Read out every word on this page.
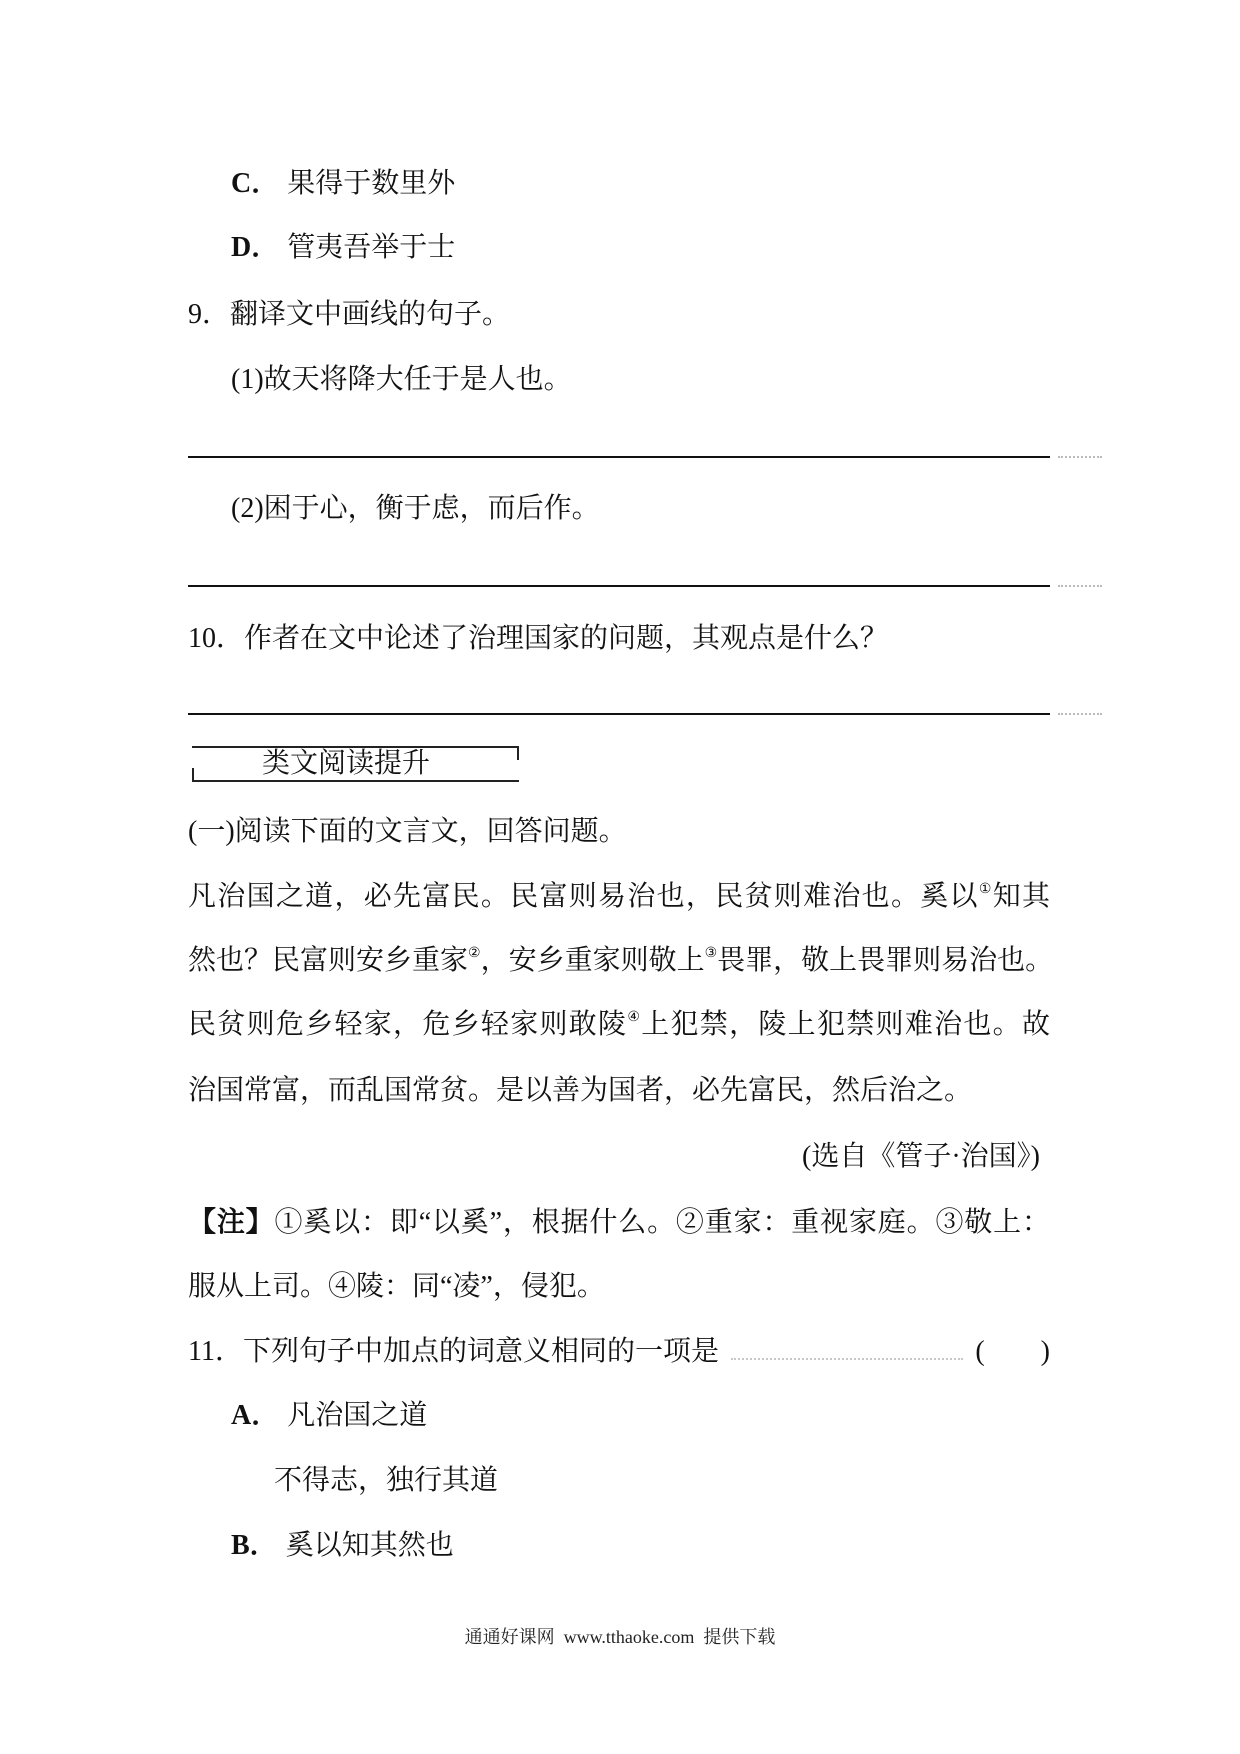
C． 果得于数里外
D． 管夷吾举于士
9．翻译文中画线的句子。
(1)故天将降大任于是人也。
(2)困于心，衡于虑，而后作。
10．作者在文中论述了治理国家的问题，其观点是什么？
类文阅读提升
(一)阅读下面的文言文，回答问题。
凡治国之道，必先富民。民富则易治也，民贫则难治也。奚以①知其
然也？民富则安乡重家②，安乡重家则敬上③畏罪，敬上畏罪则易治也。
民贫则危乡轻家，危乡轻家则敢陵④上犯禁，陵上犯禁则难治也。故
治国常富，而乱国常贫。是以善为国者，必先富民，然后治之。
(选自《管子·治国》)
【注】①奚以：即“以奚”，根据什么。②重家：重视家庭。③敬上：
服从上司。④陵：同“凌”，侵犯。
11．下列句子中加点的词意义相同的一项是	(　　)
A． 凡治国之道
不得志，独行其道
B． 奚以知其然也
通通好课网  www.tthaoke.com  提供下载
